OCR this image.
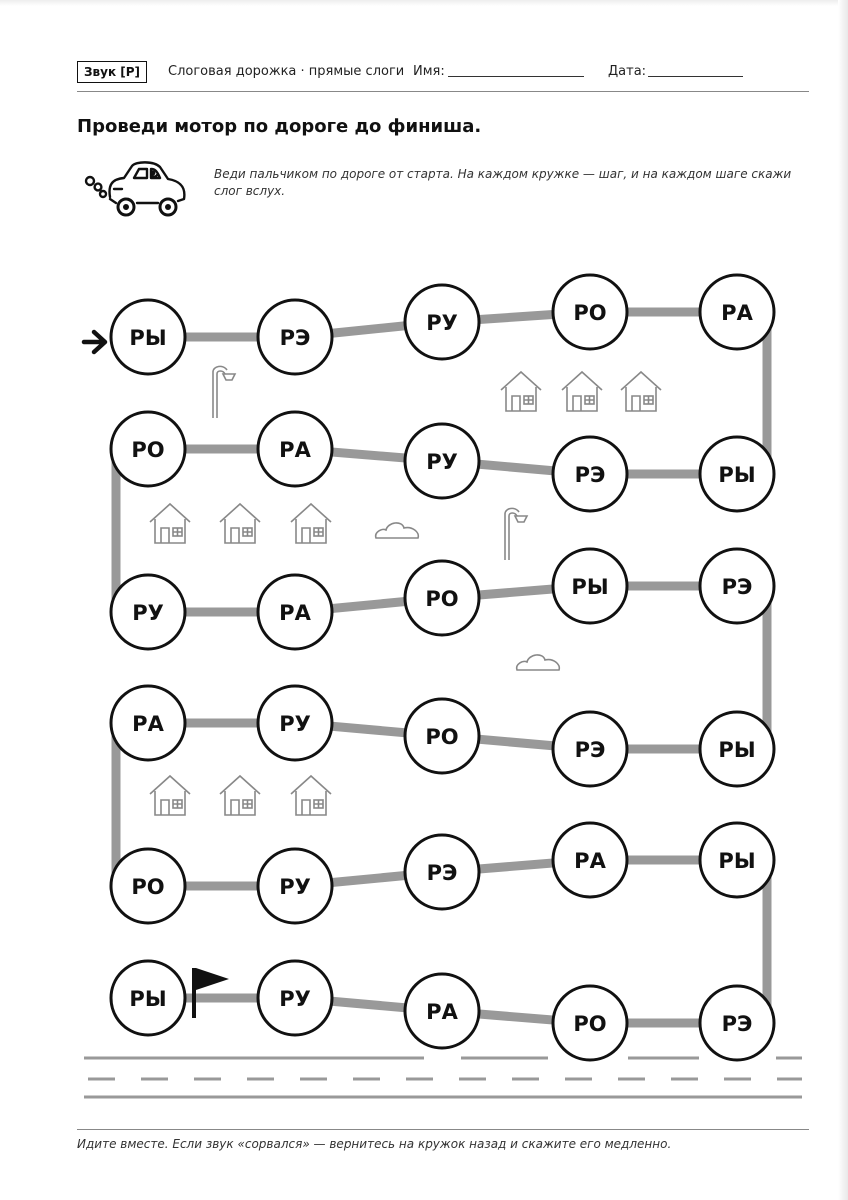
Звук [Р]	Слоговая дорожка · прямые слоги Имя:	Дата:
Проведи мотор по дороге до финиша.
Веди пальчиком по дороге от старта. На каждом кружке — шаг, и на каждом шаге скажи слог вслух.
РЫ	РЭ
РУ	РО	РА
РЫ
РЭ
РУ
РА
РО
РУ	РА
РО	РЫ	РЭ
РЫ
РЭ
РО
РУ
РА
РО	РУ
РЭ	РА	РЫ
РЭ
РО
РА
РУ
РЫ
Идите вместе. Если звук «сорвался» — вернитесь на кружок назад и скажите его медленно.
